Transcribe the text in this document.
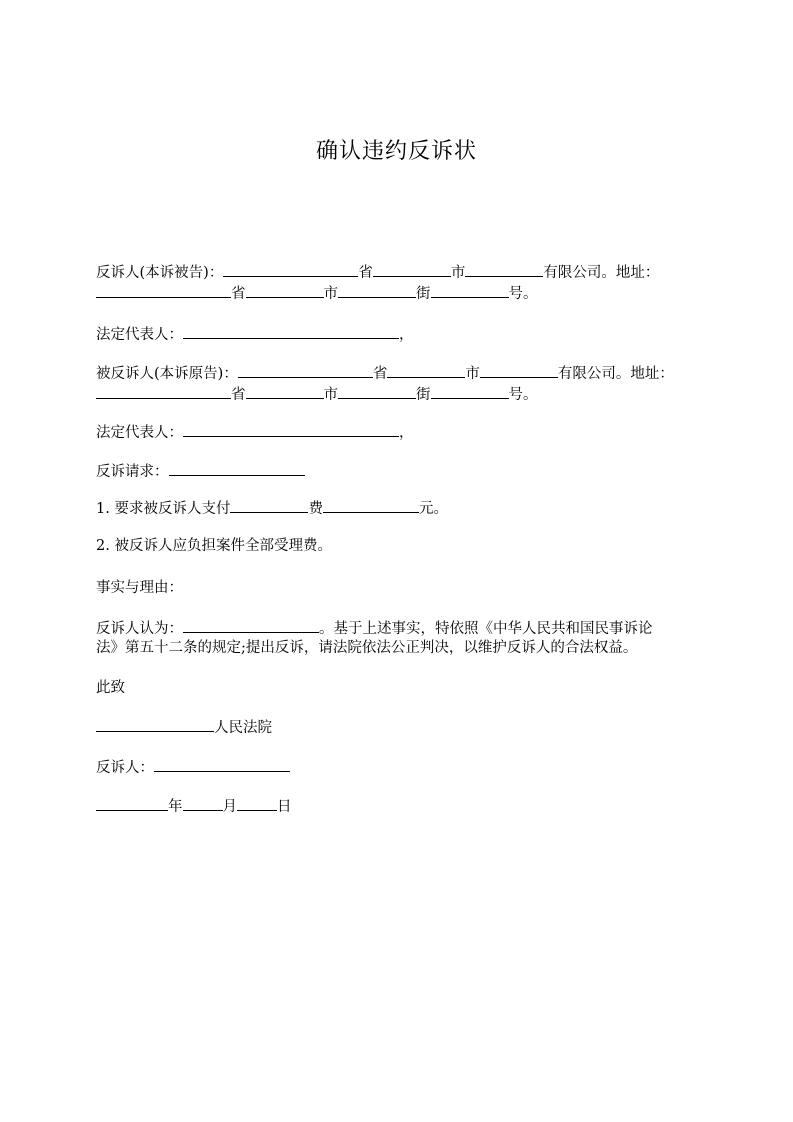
确认违约反诉状
反诉人(本诉被告)：	省	市	有限公司。地址：
省	市	街	号。
法定代表人：	，
被反诉人(本诉原告)：	省	市	有限公司。地址：
省	市	街	号。
法定代表人：	，
反诉请求：
1. 要求被反诉人支付	费	元。
2. 被反诉人应负担案件全部受理费。
事实与理由：
反诉人认为：	。基于上述事实，特依照《中华人民共和国民事诉论
法》第五十二条的规定;提出反诉，请法院依法公正判决，以维护反诉人的合法权益。
此致
人民法院
反诉人：
年	月	日
